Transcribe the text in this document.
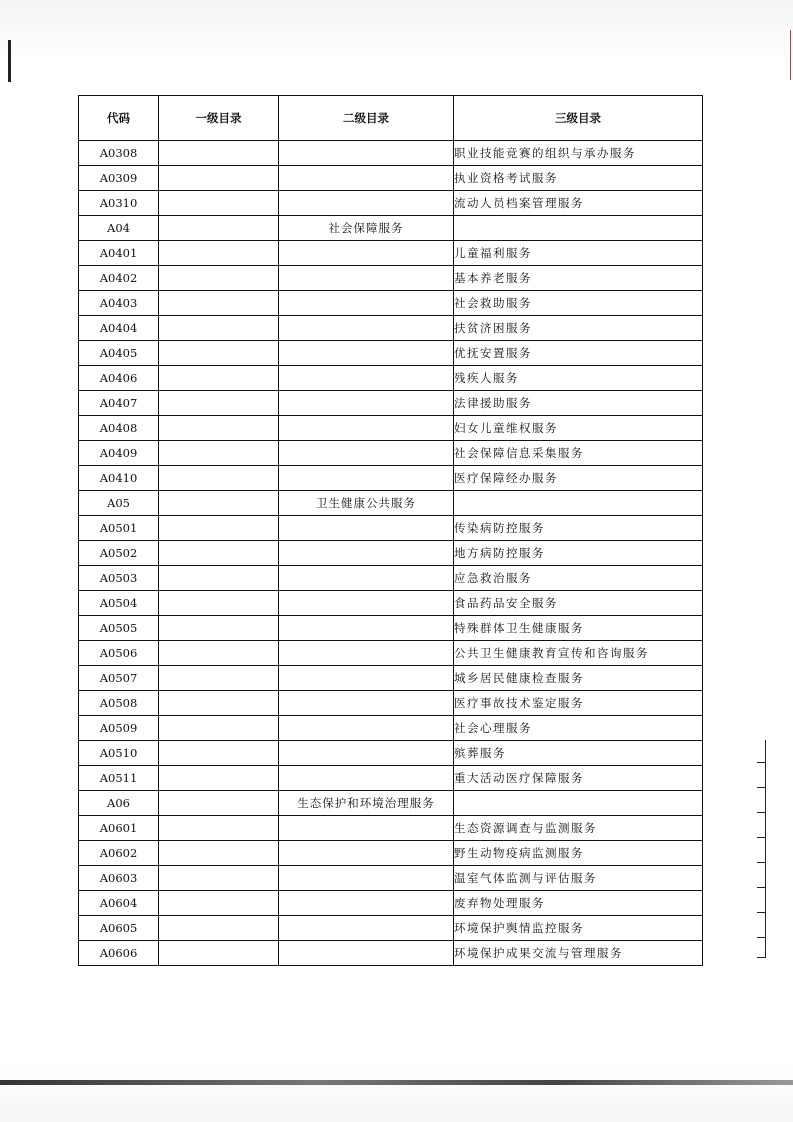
代码	一级目录	二级目录	三级目录
A0308			职业技能竞赛的组织与承办服务
A0309			执业资格考试服务
A0310			流动人员档案管理服务
A04		社会保障服务	
A0401			儿童福利服务
A0402			基本养老服务
A0403			社会救助服务
A0404			扶贫济困服务
A0405			优抚安置服务
A0406			残疾人服务
A0407			法律援助服务
A0408			妇女儿童维权服务
A0409			社会保障信息采集服务
A0410			医疗保障经办服务
A05		卫生健康公共服务	
A0501			传染病防控服务
A0502			地方病防控服务
A0503			应急救治服务
A0504			食品药品安全服务
A0505			特殊群体卫生健康服务
A0506			公共卫生健康教育宣传和咨询服务
A0507			城乡居民健康检查服务
A0508			医疗事故技术鉴定服务
A0509			社会心理服务
A0510			殡葬服务
A0511			重大活动医疗保障服务
A06		生态保护和环境治理服务	
A0601			生态资源调查与监测服务
A0602			野生动物疫病监测服务
A0603			温室气体监测与评估服务
A0604			废弃物处理服务
A0605			环境保护舆情监控服务
A0606			环境保护成果交流与管理服务
